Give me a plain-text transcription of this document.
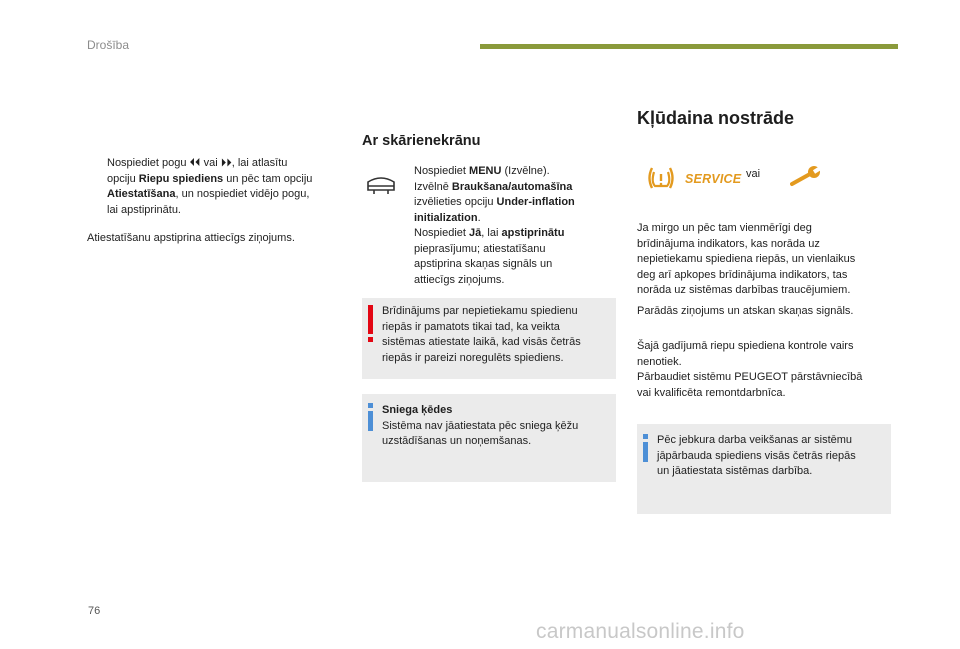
Drošība
Nospiediet pogu ⏴⏴ vai ⏵⏵, lai atlasītu
opciju Riepu spiediens un pēc tam opciju
Atiestatīšana, un nospiediet vidējo pogu,
lai apstiprinātu.
Atiestatīšanu apstiprina attiecīgs ziņojums.
Ar skārienekrānu
Nospiediet MENU (Izvēlne).
Izvēlnē Braukšana/automašīna
izvēlieties opciju Under-inflation
initialization.
Nospiediet Jā, lai apstiprinātu
pieprasījumu; atiestatīšanu
apstiprina skaņas signāls un
attiecīgs ziņojums.
Brīdinājums par nepietiekamu spiedienu
riepās ir pamatots tikai tad, ka veikta
sistēmas atiestate laikā, kad visās četrās
riepās ir pareizi noregulēts spiediens.
Sniega ķēdes
Sistēma nav jāatiestata pēc sniega ķēžu
uzstādīšanas un noņemšanas.
Kļūdaina nostrāde
SERVICE vai
Ja mirgo un pēc tam vienmērīgi deg
brīdinājuma indikators, kas norāda uz
nepietiekamu spiediena riepās, un vienlaikus
deg arī apkopes brīdinājuma indikators, tas
norāda uz sistēmas darbības traucējumiem.
Parādās ziņojums un atskan skaņas signāls.
Šajā gadījumā riepu spiediena kontrole vairs
nenotiek.
Pārbaudiet sistēmu PEUGEOT pārstāvniecībā
vai kvalificēta remontdarbnīca.
Pēc jebkura darba veikšanas ar sistēmu
jāpārbauda spiediens visās četrās riepās
un jāatiestata sistēmas darbība.
76
carmanualsonline.info
